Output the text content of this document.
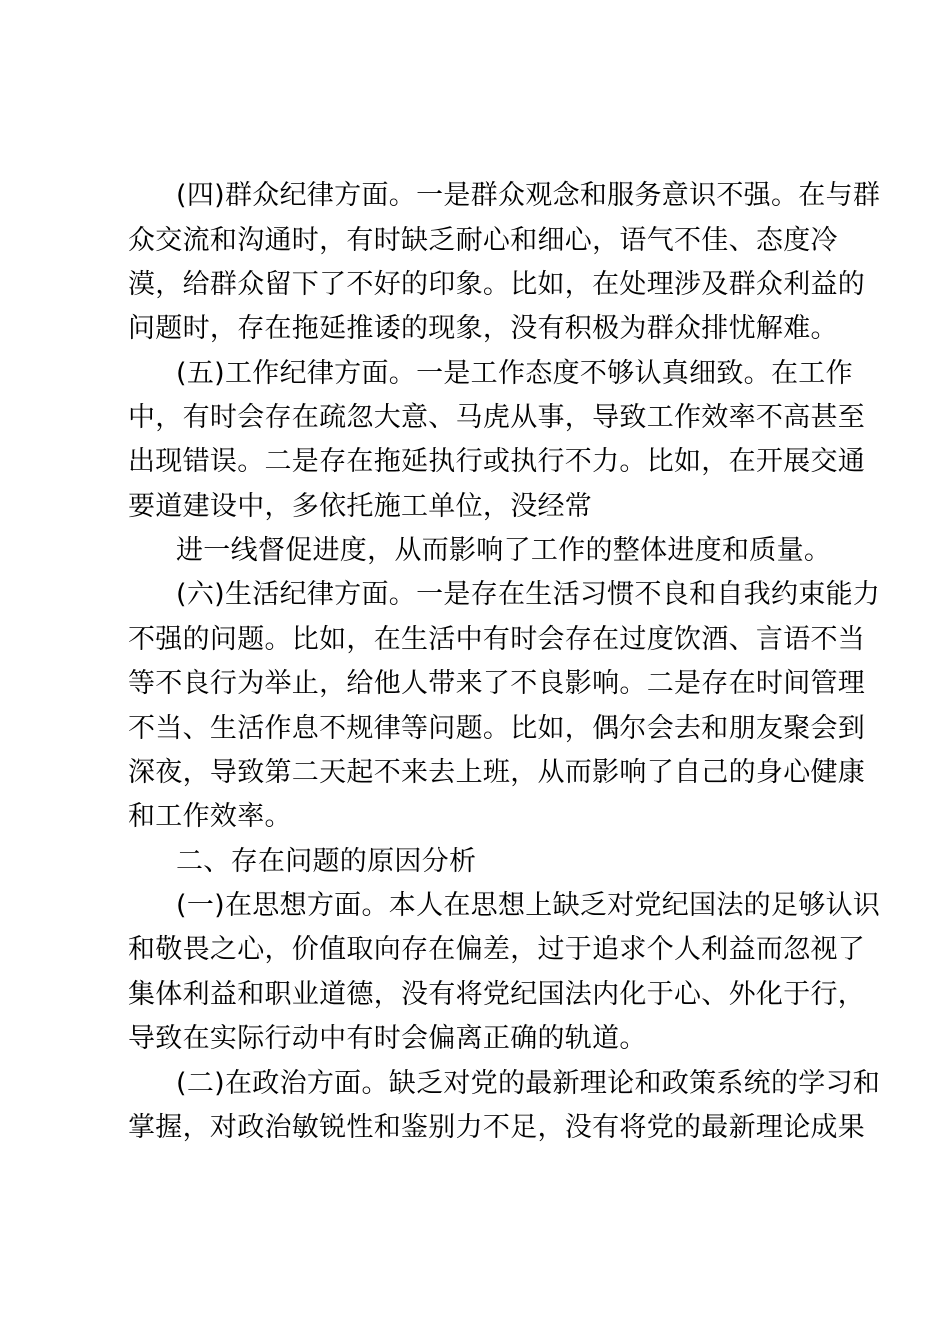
(四)群众纪律方面。一是群众观念和服务意识不强。在与群
众交流和沟通时，有时缺乏耐心和细心，语气不佳、态度冷
漠，给群众留下了不好的印象。比如，在处理涉及群众利益的
问题时，存在拖延推诿的现象，没有积极为群众排忧解难。
(五)工作纪律方面。一是工作态度不够认真细致。在工作
中，有时会存在疏忽大意、马虎从事，导致工作效率不高甚至
出现错误。二是存在拖延执行或执行不力。比如，在开展交通
要道建设中，多依托施工单位，没经常
进一线督促进度，从而影响了工作的整体进度和质量。
(六)生活纪律方面。一是存在生活习惯不良和自我约束能力
不强的问题。比如，在生活中有时会存在过度饮酒、言语不当
等不良行为举止，给他人带来了不良影响。二是存在时间管理
不当、生活作息不规律等问题。比如，偶尔会去和朋友聚会到
深夜，导致第二天起不来去上班，从而影响了自己的身心健康
和工作效率。
二、存在问题的原因分析
(一)在思想方面。本人在思想上缺乏对党纪国法的足够认识
和敬畏之心，价值取向存在偏差，过于追求个人利益而忽视了
集体利益和职业道德，没有将党纪国法内化于心、外化于行，
导致在实际行动中有时会偏离正确的轨道。
(二)在政治方面。缺乏对党的最新理论和政策系统的学习和
掌握，对政治敏锐性和鉴别力不足，没有将党的最新理论成果
